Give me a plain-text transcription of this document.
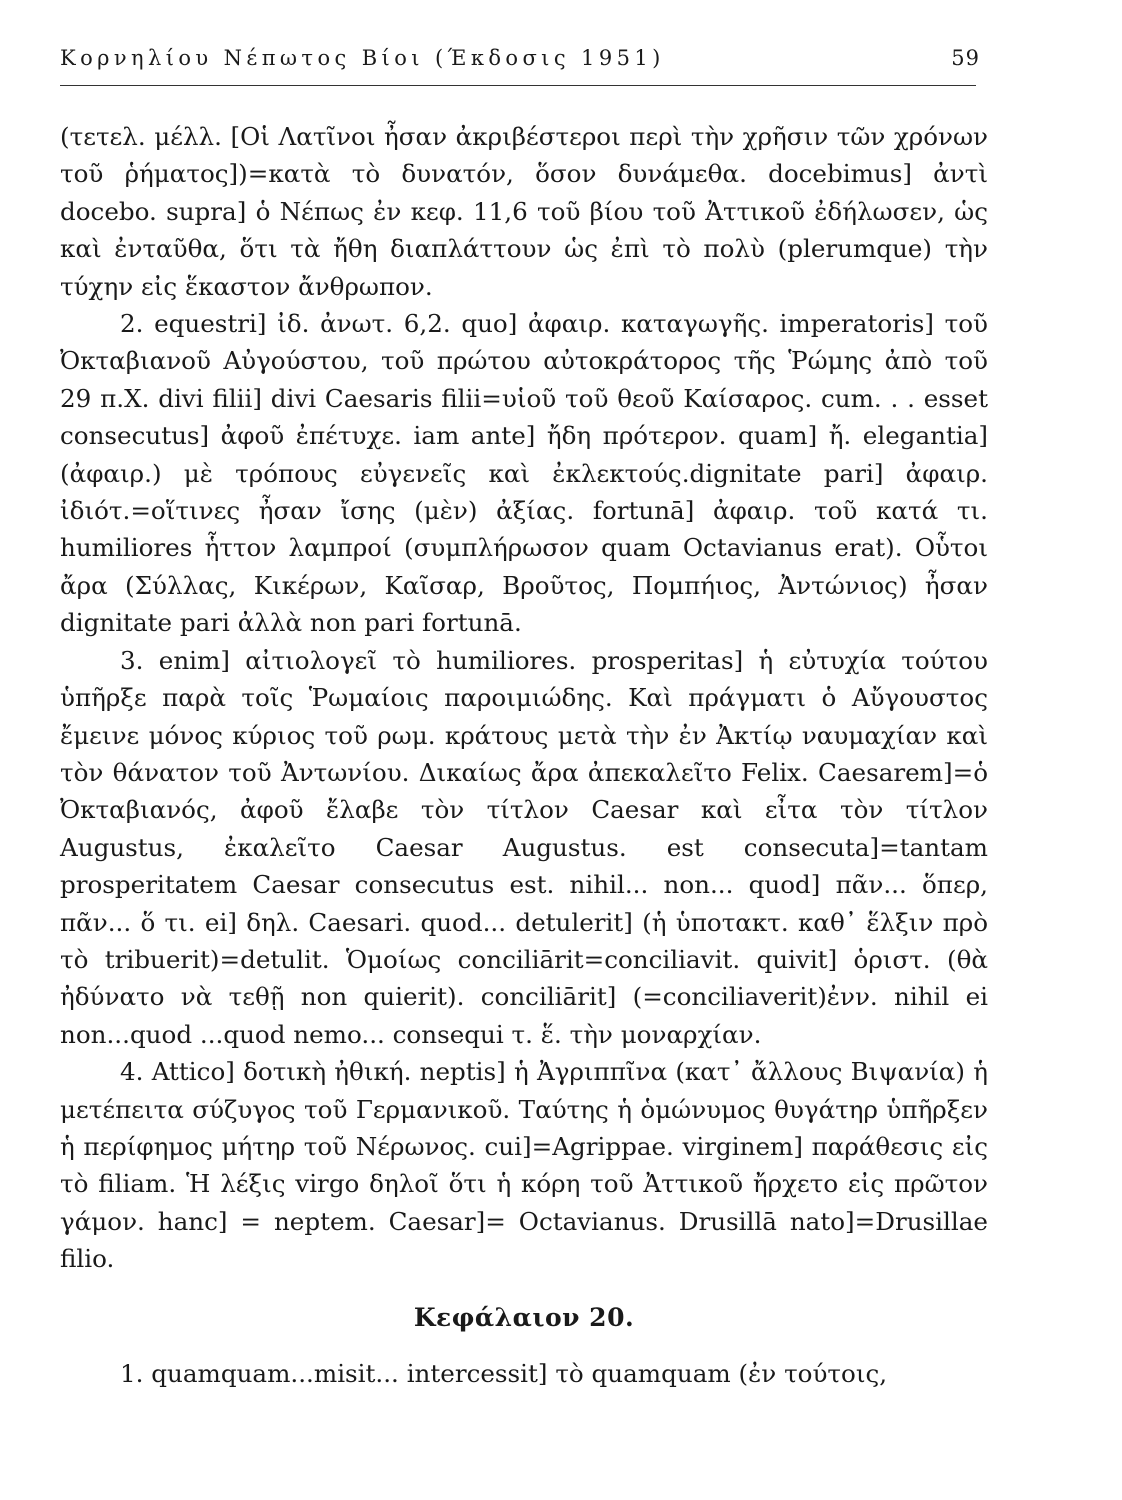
Κορνηλίου Νέπωτος Βίοι (Έκδοσις 1951)	59

(τετελ. μέλλ. [Οἱ Λατῖνοι ἦσαν ἀκριβέστεροι περὶ τὴν χρῆσιν τῶν χρόνων τοῦ ῥήματος])=κατὰ τὸ δυνατόν, ὅσον δυνάμεθα. docebimus] ἀντὶ docebo. supra] ὁ Νέπως ἐν κεφ. 11,6 τοῦ βίου τοῦ Ἀττικοῦ ἐδήλωσεν, ὡς καὶ ἐνταῦθα, ὅτι τὰ ἤθη διαπλάττουν ὡς ἐπὶ τὸ πολὺ (plerumque) τὴν τύχην εἰς ἕκαστον ἄνθρωπον.

2. equestri] ἰδ. ἀνωτ. 6,2. quo] ἀφαιρ. καταγωγῆς. imperatoris] τοῦ Ὀκταβιανοῦ Αὐγούστου, τοῦ πρώτου αὐτοκράτορος τῆς Ῥώμης ἀπὸ τοῦ 29 π.Χ. divi filii] divi Caesaris filii=υἱοῦ τοῦ θεοῦ Καίσαρος. cum. . . esset consecutus] ἀφοῦ ἐπέτυχε. iam ante] ἤδη πρότερον. quam] ἤ. elegantia] (ἀφαιρ.) μὲ τρόπους εὐγενεῖς καὶ ἐκλεκτούς.dignitate pari] ἀφαιρ. ἰδιότ.=οἵτινες ἦσαν ἴσης (μὲν) ἀξίας. fortunā] ἀφαιρ. τοῦ κατά τι. humiliores ἧττον λαμπροί (συμπλήρωσον quam Octavianus erat). Οὗτοι ἄρα (Σύλλας, Κικέρων, Καῖσαρ, Βροῦτος, Πομπήιος, Ἀντώνιος) ἦσαν dignitate pari ἀλλὰ non pari fortunā.

3. enim] αἰτιολογεῖ τὸ humiliores. prosperitas] ἡ εὐτυχία τούτου ὑπῆρξε παρὰ τοῖς Ῥωμαίοις παροιμιώδης. Καὶ πράγματι ὁ Αὔγουστος ἔμεινε μόνος κύριος τοῦ ρωμ. κράτους μετὰ τὴν ἐν Ἀκτίῳ ναυμαχίαν καὶ τὸν θάνατον τοῦ Ἀντωνίου. Δικαίως ἄρα ἀπεκαλεῖτο Felix. Caesarem]=ὁ Ὀκταβιανός, ἀφοῦ ἔλαβε τὸν τίτλον Caesar καὶ εἶτα τὸν τίτλον Augustus, ἐκαλεῖτο Caesar Augustus. est consecuta]=tantam prosperitatem Caesar consecutus est. nihil... non... quod] πᾶν... ὅπερ, πᾶν... ὅ τι. ei] δηλ. Caesari. quod... detulerit] (ἡ ὑποτακτ. καθ᾿ ἕλξιν πρὸ τὸ tribuerit)=detulit. Ὁμοίως conciliārit=conciliavit. quivit] ὁριστ. (θὰ ἠδύνατο νὰ τεθῇ non quierit). conciliārit] (=conciliaverit)ἐνν. nihil ei non...quod ...quod nemo... consequi τ. ἕ. τὴν μοναρχίαν.

4. Attico] δοτικὴ ἠθική. neptis] ἡ Ἀγριππῖνα (κατ᾿ ἄλλους Βιψανία) ἡ μετέπειτα σύζυγος τοῦ Γερμανικοῦ. Ταύτης ἡ ὁμώνυμος θυγάτηρ ὑπῆρξεν ἡ περίφημος μήτηρ τοῦ Νέρωνος. cui]=Agrippae. virginem] παράθεσις εἰς τὸ filiam. Ἡ λέξις virgo δηλοῖ ὅτι ἡ κόρη τοῦ Ἀττικοῦ ἤρχετο εἰς πρῶτον γάμον. hanc] = neptem. Caesar]= Octavianus. Drusillā nato]=Drusillae filio.

Κεφάλαιον 20.

1. quamquam...misit... intercessit] τὸ quamquam (ἐν τούτοις,
